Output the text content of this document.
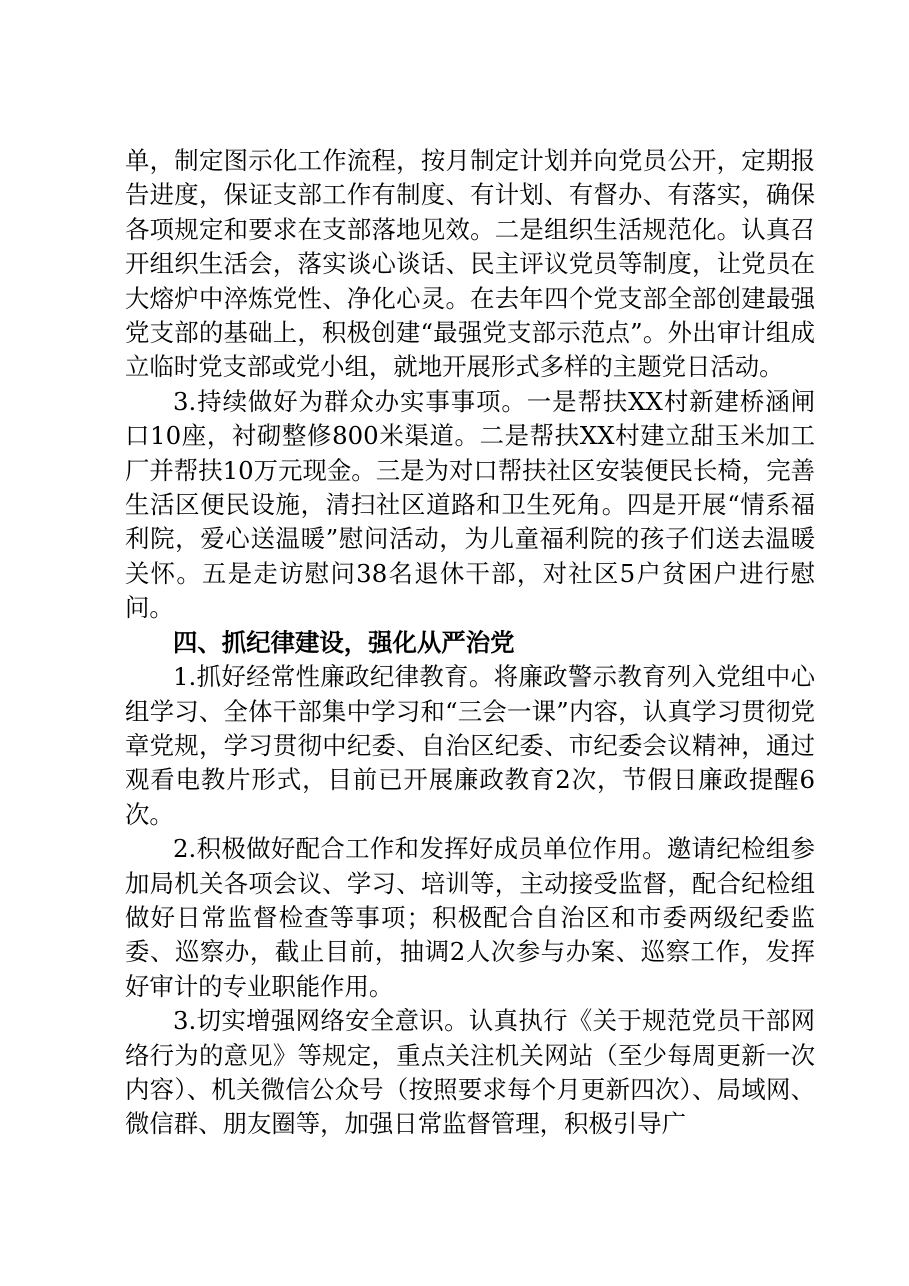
单，制定图示化工作流程，按月制定计划并向党员公开，定期报告进度，保证支部工作有制度、有计划、有督办、有落实，确保各项规定和要求在支部落地见效。二是组织生活规范化。认真召开组织生活会，落实谈心谈话、民主评议党员等制度，让党员在大熔炉中淬炼党性、净化心灵。在去年四个党支部全部创建最强党支部的基础上，积极创建“最强党支部示范点”。外出审计组成立临时党支部或党小组，就地开展形式多样的主题党日活动。

3.持续做好为群众办实事事项。一是帮扶XX村新建桥涵闸口10座，衬砌整修800米渠道。二是帮扶XX村建立甜玉米加工厂并帮扶10万元现金。三是为对口帮扶社区安装便民长椅，完善生活区便民设施，清扫社区道路和卫生死角。四是开展“情系福利院，爱心送温暖”慰问活动，为儿童福利院的孩子们送去温暖关怀。五是走访慰问38名退休干部，对社区5户贫困户进行慰问。

四、抓纪律建设，强化从严治党

1.抓好经常性廉政纪律教育。将廉政警示教育列入党组中心组学习、全体干部集中学习和“三会一课”内容，认真学习贯彻党章党规，学习贯彻中纪委、自治区纪委、市纪委会议精神，通过观看电教片形式，目前已开展廉政教育2次，节假日廉政提醒6次。

2.积极做好配合工作和发挥好成员单位作用。邀请纪检组参加局机关各项会议、学习、培训等，主动接受监督，配合纪检组做好日常监督检查等事项；积极配合自治区和市委两级纪委监委、巡察办，截止目前，抽调2人次参与办案、巡察工作，发挥好审计的专业职能作用。

3.切实增强网络安全意识。认真执行《关于规范党员干部网络行为的意见》等规定，重点关注机关网站（至少每周更新一次内容）、机关微信公众号（按照要求每个月更新四次）、局域网、微信群、朋友圈等，加强日常监督管理，积极引导广
